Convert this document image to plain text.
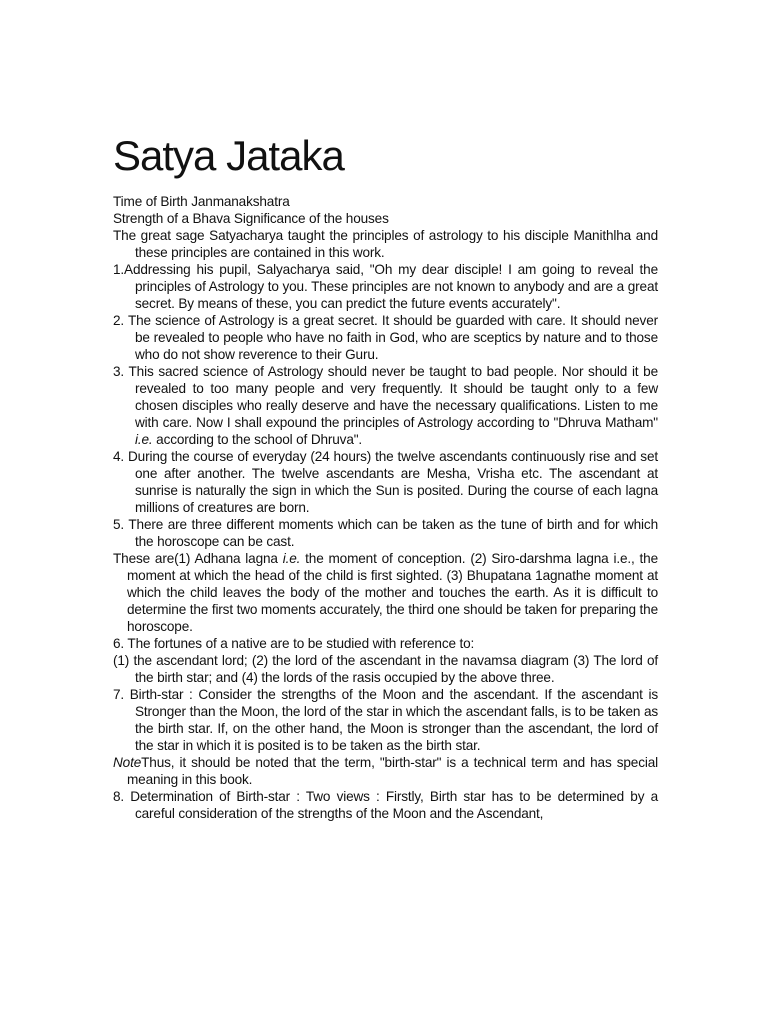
Satya Jataka

Time of Birth Janmanakshatra

Strength of a Bhava Significance of the houses

The great sage Satyacharya taught the principles of astrology to his disciple Manithlha and these principles are contained in this work.

1.Addressing his pupil, Salyacharya said, "Oh my dear disciple! I am going to reveal the principles of Astrology to you. These principles are not known to anybody and are a great secret. By means of these, you can predict the future events accurately".

2. The science of Astrology is a great secret. It should be guarded with care. It should never be revealed to people who have no faith in God, who are sceptics by nature and to those who do not show reverence to their Guru.

3. This sacred science of Astrology should never be taught to bad people. Nor should it be revealed to too many people and very frequently. It should be taught only to a few chosen disciples who really deserve and have the necessary qualifications. Listen to me with care. Now I shall expound the principles of Astrology according to "Dhruva Matham" i.e. according to the school of Dhruva".

4. During the course of everyday (24 hours) the twelve ascendants continuously rise and set one after another. The twelve ascendants are Mesha, Vrisha etc. The ascendant at sunrise is naturally the sign in which the Sun is posited. During the course of each lagna millions of creatures are born.

5. There are three different moments which can be taken as the tune of birth and for which the horoscope can be cast.

These are(1) Adhana lagna i.e. the moment of conception. (2) Siro-darshma lagna i.e., the moment at which the head of the child is first sighted. (3) Bhupatana 1agnathe moment at which the child leaves the body of the mother and touches the earth. As it is difficult to determine the first two moments accurately, the third one should be taken for preparing the horoscope.

6. The fortunes of a native are to be studied with reference to:

(1) the ascendant lord; (2) the lord of the ascendant in the navamsa diagram (3) The lord of the birth star; and (4) the lords of the rasis occupied by the above three.

7. Birth-star : Consider the strengths of the Moon and the ascendant. If the ascendant is Stronger than the Moon, the lord of the star in which the ascendant falls, is to be taken as the birth star. If, on the other hand, the Moon is stronger than the ascendant, the lord of the star in which it is posited is to be taken as the birth star.

NoteThus, it should be noted that the term, "birth-star" is a technical term and has special meaning in this book.

8. Determination of Birth-star : Two views : Firstly, Birth star has to be determined by a careful consideration of the strengths of the Moon and the Ascendant,
